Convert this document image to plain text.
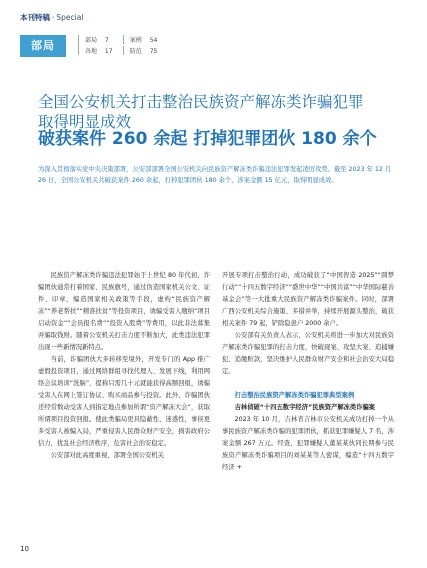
本刊特稿 · Special
部局	部局 7	案例 54
各地 17	防范 75
全国公安机关打击整治民族资产解冻类诈骗犯罪
取得明显成效
破获案件 260 余起 打掉犯罪团伙 180 余个
为深入贯彻落实党中央决策部署，公安部部署全国公安机关向民族资产解冻类诈骗违法犯罪发起凌厉攻势。截至 2023 年 12 月 26 日，全国公安机关共破获案件 260 余起，打掉犯罪团伙 180 余个，涉案金额 15 亿元，取得明显成效。

民族资产解冻类诈骗违法犯罪始于上世纪 80 年代初，诈骗团伙通常打着国家、民族旗号，通过伪造国家机关公文、证件、印章，编造国家相关政策等手段，虚构“民族资产解冻”“养老帮扶”“精准扶贫”等投资项目，诱骗受害人缴纳“项目启动资金”“会员报名费”“投资入股费”等费用，以此非法募集并骗取钱财。随着公安机关打击力度不断加大，此类违法犯罪出现一些新情况新特点。

当前，诈骗团伙大多转移至境外，开发专门的 App 推广虚假投资项目，通过网络群组寻找代理人、发展下线，利用网络会议培训“洗脑”，提称只需几十元就能获得高额回报，诱骗受害人在网上签订协议、购买商品参与投资。此外，诈骗团伙还经常数动受害人到指定地点参加所谓“资产解冻大会”，获取所谓项目投资回报。使此类骗局更具隐蔽性、迷惑性，事侯更多受害人被骗入局，严重侵害人民群众财产安全，损害政府公信力，扰乱社会经济秩序，危害社会治安稳定。

公安部对此高度重视，部署全国公安机关

开展专项打击整治行动，成功破获了“中国智造 2025”“圆梦行动”“十四五数字经济”“盛世中华”“中国共富”“中华国际慈善基金会”等一大批重大民族资产解冻类诈骗案件。同时，部署广西公安机关综合施策、多措并举，持续开展源头整治，破获相关案件 79 起，铲除隐患户 2000 余户。

公安部有关负责人表示，公安机关将进一步加大对民族资产解冻类诈骗犯罪的打击力度，快破现案、攻坚大案、追捕嫌犯、追缴赃款，坚决维护人民群众财产安全和社会治安大局稳定。

打击整治民族资产解冻类诈骗犯罪典型案例

吉林侦破“十四五数字经济”民族资产解冻类诈骗案

2023 年 10 月，吉林省吉林市公安机关成功打掉一个从事民族资产解冻类诈骗的犯罪团伙，抓获犯罪嫌疑人 7 名，涉案金额 267 万元。经查，犯罪嫌疑人董某某伙同长期参与民族资产解冻类诈骗项目的刘某某等人密谋，编造“十四五数字经济 +

10
